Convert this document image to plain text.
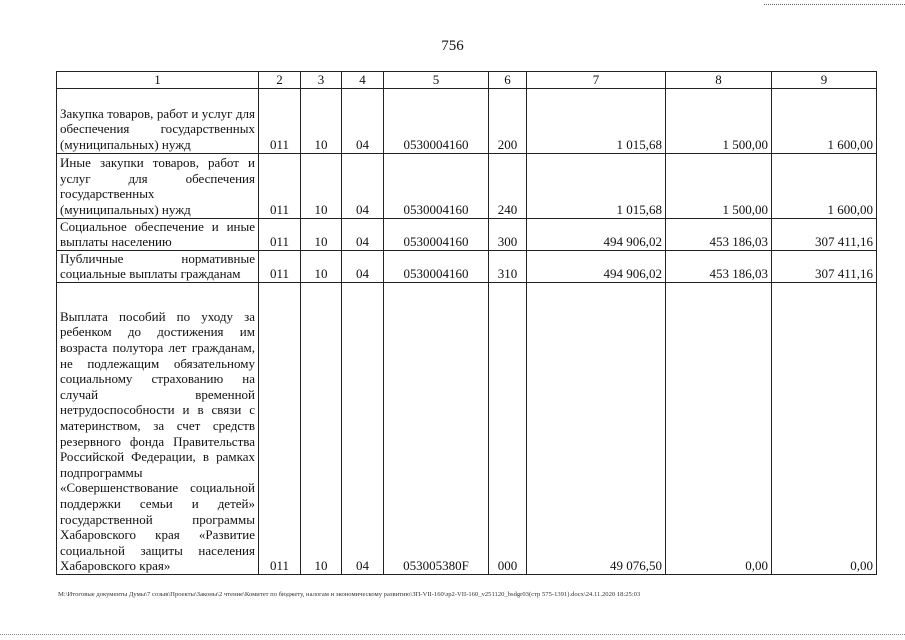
756
1	2	3	4	5	6	7	8	9
Закупка товаров, работ и услуг для обеспечения государственных (муниципальных) нужд	011	10	04	0530004160	200	1 015,68	1 500,00	1 600,00
Иные закупки товаров, работ и услуг для обеспечения государственных (муниципальных) нужд	011	10	04	0530004160	240	1 015,68	1 500,00	1 600,00
Социальное обеспечение и иные выплаты населению	011	10	04	0530004160	300	494 906,02	453 186,03	307 411,16
Публичные нормативные социальные выплаты гражданам	011	10	04	0530004160	310	494 906,02	453 186,03	307 411,16
Выплата пособий по уходу за ребенком до достижения им возраста полутора лет гражданам, не подлежащим обязательному социальному страхованию на случай временной нетрудоспособности и в связи с материнством, за счет средств резервного фонда Правительства Российской Федерации, в рамках подпрограммы «Совершенствование социальной поддержки семьи и детей» государственной программы Хабаровского края «Развитие социальной защиты населения Хабаровского края»	011	10	04	053005380F	000	49 076,50	0,00	0,00
M:\Итоговые документы Думы\7 созыв\Проекты\Законы\2 чтение\Комитет по бюджету, налогам и экономическому развитию\ЗП-VII-160\зр2-VII-160_v251120_bsdgr03(стр 575-1391).docx\24.11.2020 18:25:03
